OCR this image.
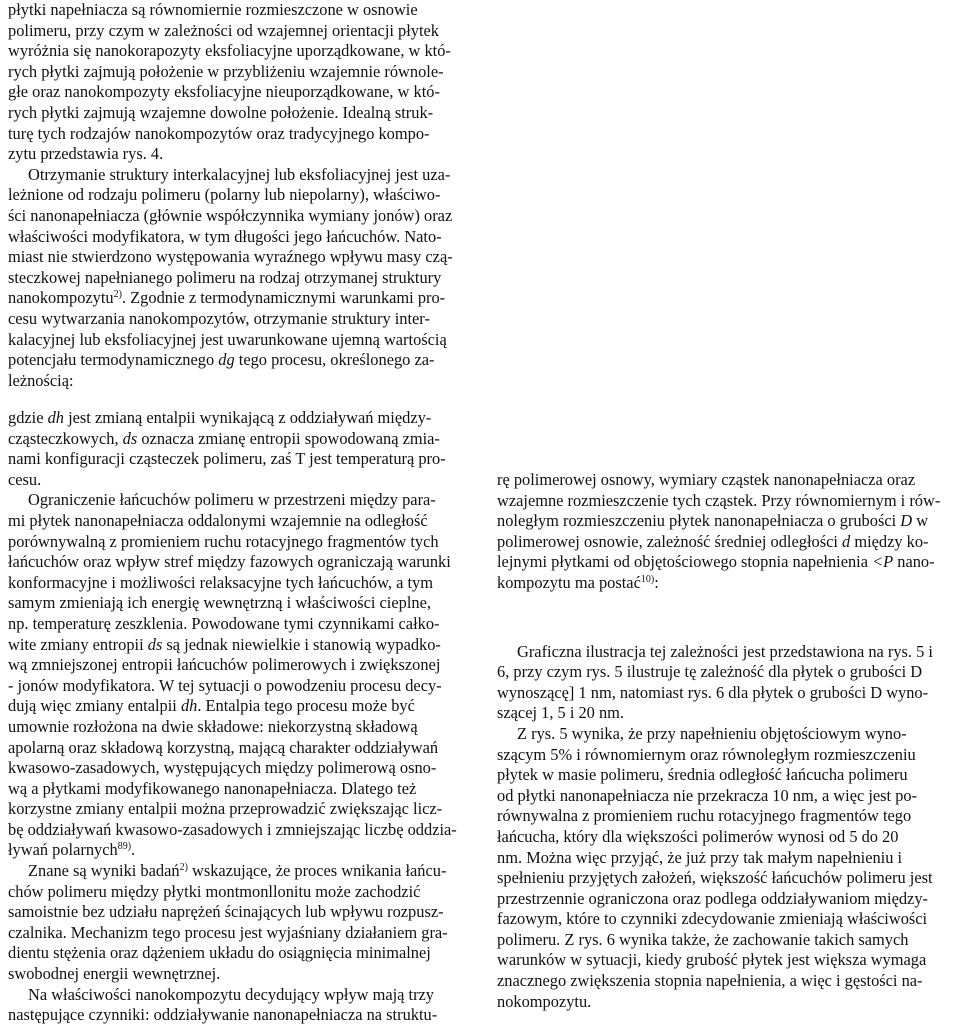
płytki napełniacza są równomiernie rozmieszczone w osnowie

polimeru, przy czym w zależności od wzajemnej orientacji płytek

wyróżnia się nanokorapozyty eksfoliacyjne uporządkowane, w któ-

rych płytki zajmują położenie w przybliżeniu wzajemnie równole-

głe oraz nanokompozyty eksfoliacyjne nieuporządkowane, w któ-

rych płytki zajmują wzajemne dowolne położenie. Idealną struk-

turę tych rodzajów nanokompozytów oraz tradycyjnego kompo-

zytu przedstawia rys. 4.

Otrzymanie struktury interkalacyjnej lub eksfoliacyjnej jest uza-

leżnione od rodzaju polimeru (polarny lub niepolarny), właściwo-

ści nanonapełniacza (głównie współczynnika wymiany jonów) oraz

właściwości modyfikatora, w tym długości jego łańcuchów. Nato-

miast nie stwierdzono występowania wyraźnego wpływu masy czą-

steczkowej napełnianego polimeru na rodzaj otrzymanej struktury

nanokompozytu$^{2)}$. Zgodnie z termodynamicznymi warunkami pro-

cesu wytwarzania nanokompozytów, otrzymanie struktury inter-

kalacyjnej lub eksfoliacyjnej jest uwarunkowane ujemną wartością

potencjału termodynamicznego dg tego procesu, określonego za-

leżnością:

gdzie dh jest zmianą entalpii wynikającą z oddziaływań między-

cząsteczkowych, ds oznacza zmianę entropii spowodowaną zmia-

nami konfiguracji cząsteczek polimeru, zaś T jest temperaturą pro-

cesu.

Ograniczenie łańcuchów polimeru w przestrzeni między para-

mi płytek nanonapełniacza oddalonymi wzajemnie na odległość

porównywalną z promieniem ruchu rotacyjnego fragmentów tych

łańcuchów oraz wpływ stref między fazowych ograniczają warunki

konformacyjne i możliwości relaksacyjne tych łańcuchów, a tym

samym zmieniają ich energię wewnętrzną i właściwości cieplne,

np. temperaturę zeszklenia. Powodowane tymi czynnikami całko-

wite zmiany entropii ds są jednak niewielkie i stanowią wypadko-

wą zmniejszonej entropii łańcuchów polimerowych i zwiększonej

- jonów modyfikatora. W tej sytuacji o powodzeniu procesu decy-

dują więc zmiany entalpii dh. Entalpia tego procesu może być

umownie rozłożona na dwie składowe: niekorzystną składową

apolarną oraz składową korzystną, mającą charakter oddziaływań

kwasowo-zasadowych, występujących między polimerową osno-

wą a płytkami modyfikowanego nanonapełniacza. Dlatego też

korzystne zmiany entalpii można przeprowadzić zwiększając licz-

bę oddziaływań kwasowo-zasadowych i zmniejszając liczbę oddzia-

ływań polarnych$^{89)}$.

Znane są wyniki badań$^{2)}$ wskazujące, że proces wnikania łańcu-

chów polimeru między płytki montmonllonitu może zachodzić

samoistnie bez udziału naprężeń ścinających lub wpływu rozpusz-

czalnika. Mechanizm tego procesu jest wyjaśniany działaniem gra-

dientu stężenia oraz dążeniem układu do osiągnięcia minimalnej

swobodnej energii wewnętrznej.

Na właściwości nanokompozytu decydujący wpływ mają trzy

następujące czynniki: oddziaływanie nanonapełniacza na struktu-

rę polimerowej osnowy, wymiary cząstek nanonapełniacza oraz

wzajemne rozmieszczenie tych cząstek. Przy równomiernym i rów-

noległym rozmieszczeniu płytek nanonapełniacza o grubości D w

polimerowej osnowie, zależność średniej odległości d między ko-

lejnymi płytkami od objętościowego stopnia napełnienia <P nano-

kompozytu ma postać$^{10)}$:

Graficzna ilustracja tej zależności jest przedstawiona na rys. 5 i

6, przy czym rys. 5 ilustruje tę zależność dla płytek o grubości D

wynoszącę] 1 nm, natomiast rys. 6 dla płytek o grubości D wyno-

szącej 1, 5 i 20 nm.

Z rys. 5 wynika, że przy napełnieniu objętościowym wyno-

szącym 5% i równomiernym oraz równoległym rozmieszczeniu

płytek w masie polimeru, średnia odległość łańcucha polimeru

od płytki nanonapełniacza nie przekracza 10 nm, a więc jest po-

równywalna z promieniem ruchu rotacyjnego fragmentów tego

łańcucha, który dla większości polimerów wynosi od 5 do 20

nm. Można więc przyjąć, że już przy tak małym napełnieniu i

spełnieniu przyjętych założeń, większość łańcuchów polimeru jest

przestrzennie ograniczona oraz podlega oddziaływaniom między-

fazowym, które to czynniki zdecydowanie zmieniają właściwości

polimeru. Z rys. 6 wynika także, że zachowanie takich samych

warunków w sytuacji, kiedy grubość płytek jest większa wymaga

znacznego zwiększenia stopnia napełnienia, a więc i gęstości na-

nokompozytu.
